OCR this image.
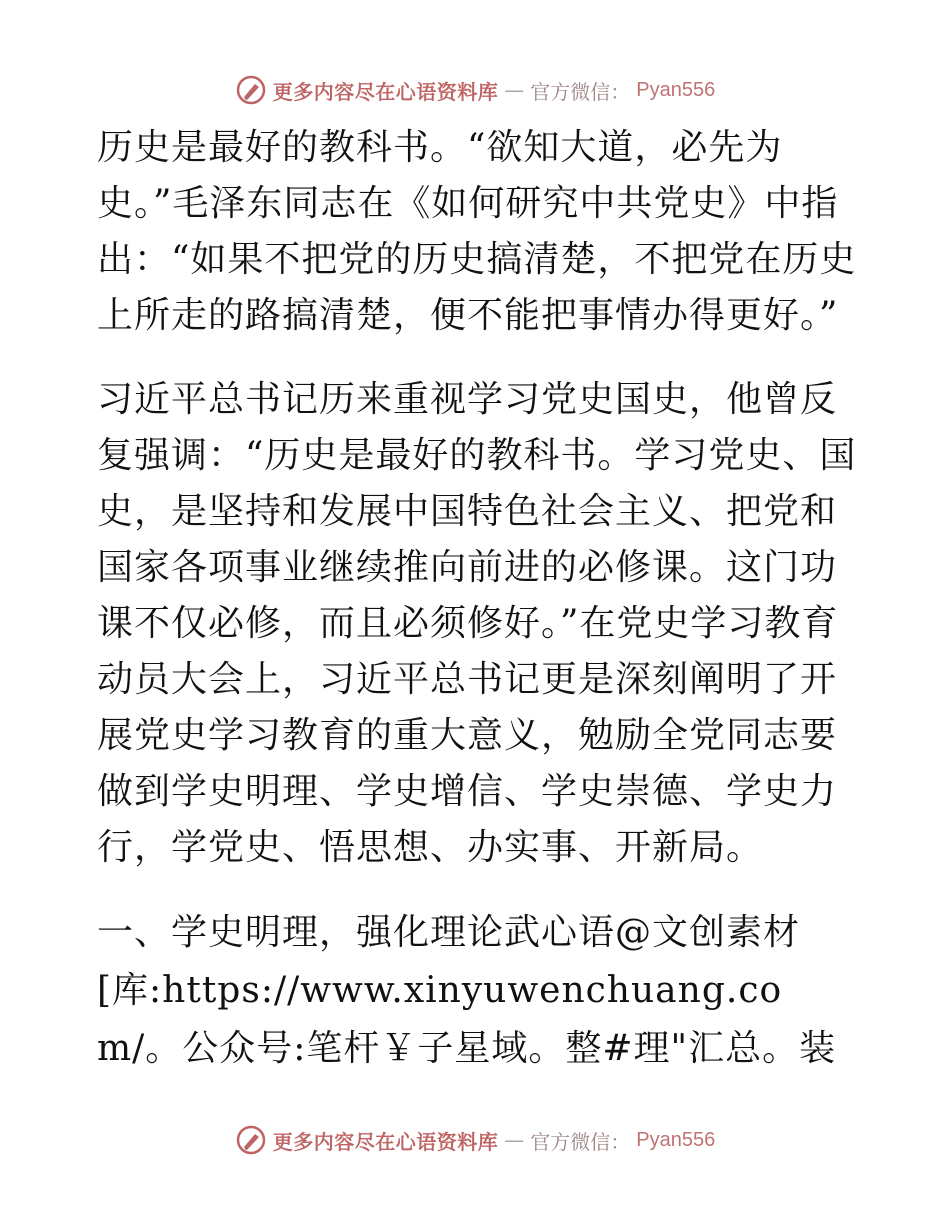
更多内容尽在心语资料库 — 官方微信： Pyan556

历史是最好的教科书。“欲知大道，必先为史。”毛泽东同志在《如何研究中共党史》中指出：“如果不把党的历史搞清楚，不把党在历史上所走的路搞清楚，便不能把事情办得更好。”

习近平总书记历来重视学习党史国史，他曾反复强调：“历史是最好的教科书。学习党史、国史，是坚持和发展中国特色社会主义、把党和国家各项事业继续推向前进的必修课。这门功课不仅必修，而且必须修好。”在党史学习教育动员大会上，习近平总书记更是深刻阐明了开展党史学习教育的重大意义，勉励全党同志要做到学史明理、学史增信、学史崇德、学史力行，学党史、悟思想、办实事、开新局。

一、学史明理，强化理论武心语@文创素材[库:https://www.xinyuwenchuang.com/。公众号:笔杆￥子星域。整#理"汇总。装

更多内容尽在心语资料库 — 官方微信： Pyan556
